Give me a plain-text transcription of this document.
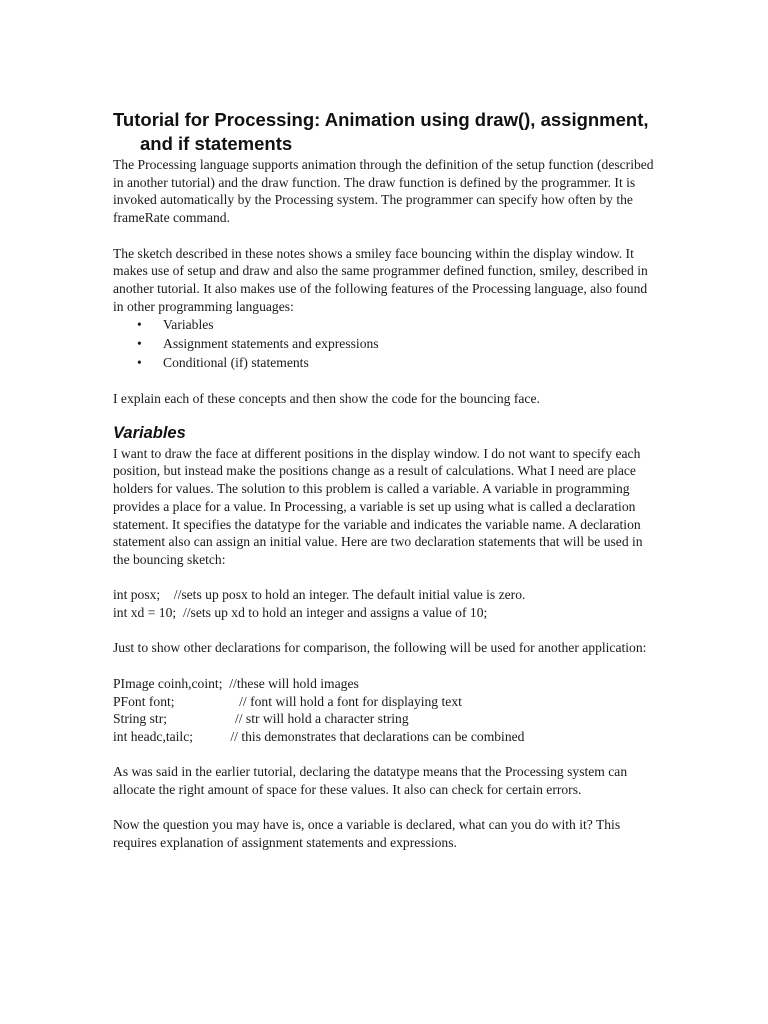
Tutorial for Processing: Animation using draw(), assignment, and if statements

The Processing language supports animation through the definition of the setup function (described in another tutorial) and the draw function. The draw function is defined by the programmer. It is invoked automatically by the Processing system. The programmer can specify how often by the frameRate command.

The sketch described in these notes shows a smiley face bouncing within the display window. It makes use of setup and draw and also the same programmer defined function, smiley, described in another tutorial. It also makes use of the following features of the Processing language, also found in other programming languages:

• Variables
• Assignment statements and expressions
• Conditional (if) statements

I explain each of these concepts and then show the code for the bouncing face.

Variables

I want to draw the face at different positions in the display window. I do not want to specify each position, but instead make the positions change as a result of calculations. What I need are place holders for values. The solution to this problem is called a variable. A variable in programming provides a place for a value. In Processing, a variable is set up using what is called a declaration statement. It specifies the datatype for the variable and indicates the variable name. A declaration statement also can assign an initial value. Here are two declaration statements that will be used in the bouncing sketch:

int posx;    //sets up posx to hold an integer. The default initial value is zero.
int xd = 10;  //sets up xd to hold an integer and assigns a value of 10;

Just to show other declarations for comparison, the following will be used for another application:

PImage coinh,coint;  //these will hold images
PFont font;                   // font will hold a font for displaying text
String str;                    // str will hold a character string
int headc,tailc;           // this demonstrates that declarations can be combined

As was said in the earlier tutorial, declaring the datatype means that the Processing system can allocate the right amount of space for these values. It also can check for certain errors.

Now the question you may have is, once a variable is declared, what can you do with it? This requires explanation of assignment statements and expressions.
